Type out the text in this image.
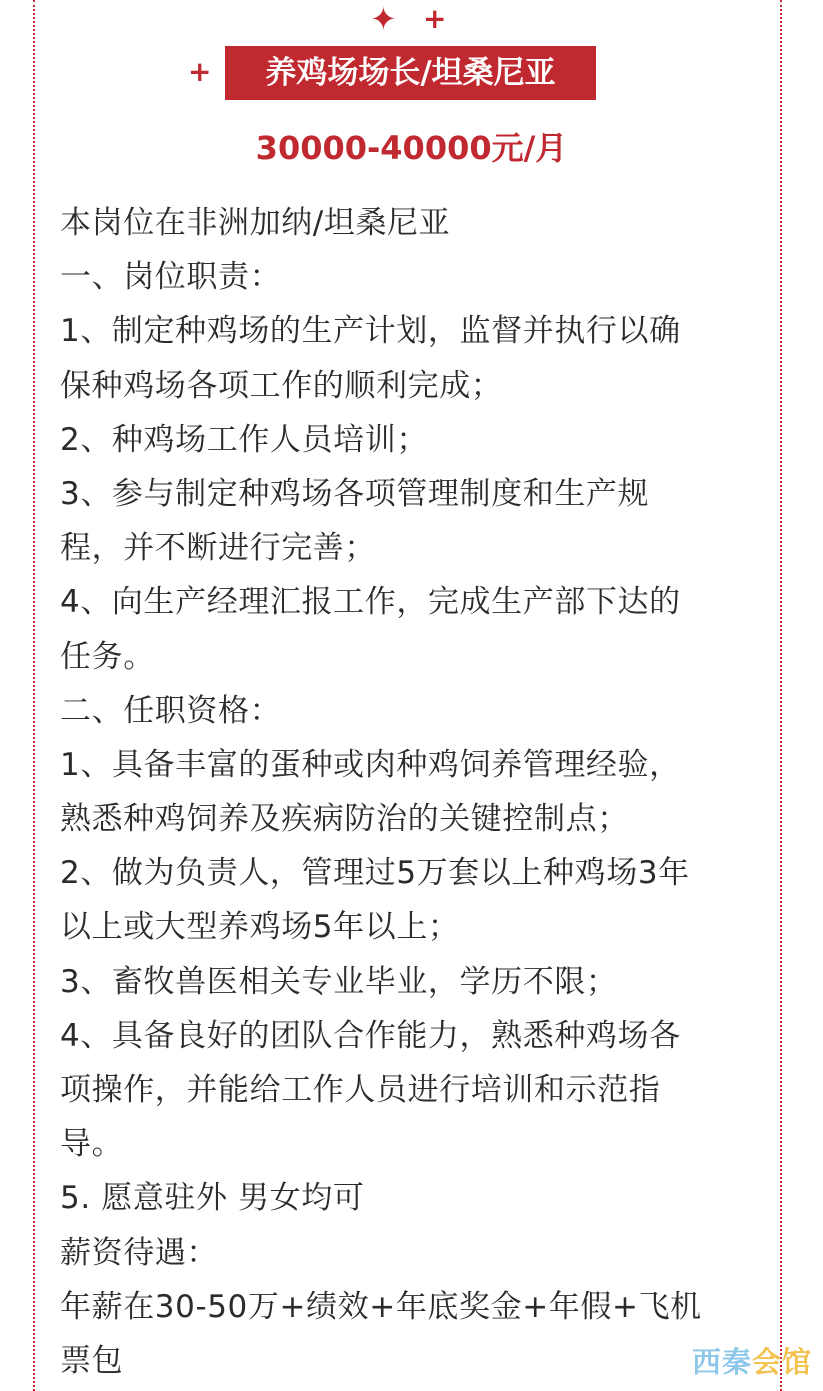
✦ +
+	养鸡场场长/坦桑尼亚
30000-40000元/月
本岗位在非洲加纳/坦桑尼亚
一、岗位职责：
1、制定种鸡场的生产计划，监督并执行以确
保种鸡场各项工作的顺利完成；
2、种鸡场工作人员培训；
3、参与制定种鸡场各项管理制度和生产规
程，并不断进行完善；
4、向生产经理汇报工作，完成生产部下达的
任务。
二、任职资格：
1、具备丰富的蛋种或肉种鸡饲养管理经验，
熟悉种鸡饲养及疾病防治的关键控制点；
2、做为负责人，管理过5万套以上种鸡场3年
以上或大型养鸡场5年以上；
3、畜牧兽医相关专业毕业，学历不限；
4、具备良好的团队合作能力，熟悉种鸡场各
项操作，并能给工作人员进行培训和示范指
导。
5. 愿意驻外 男女均可
薪资待遇：
年薪在30-50万+绩效+年底奖金+年假+飞机
票包	西秦会馆
